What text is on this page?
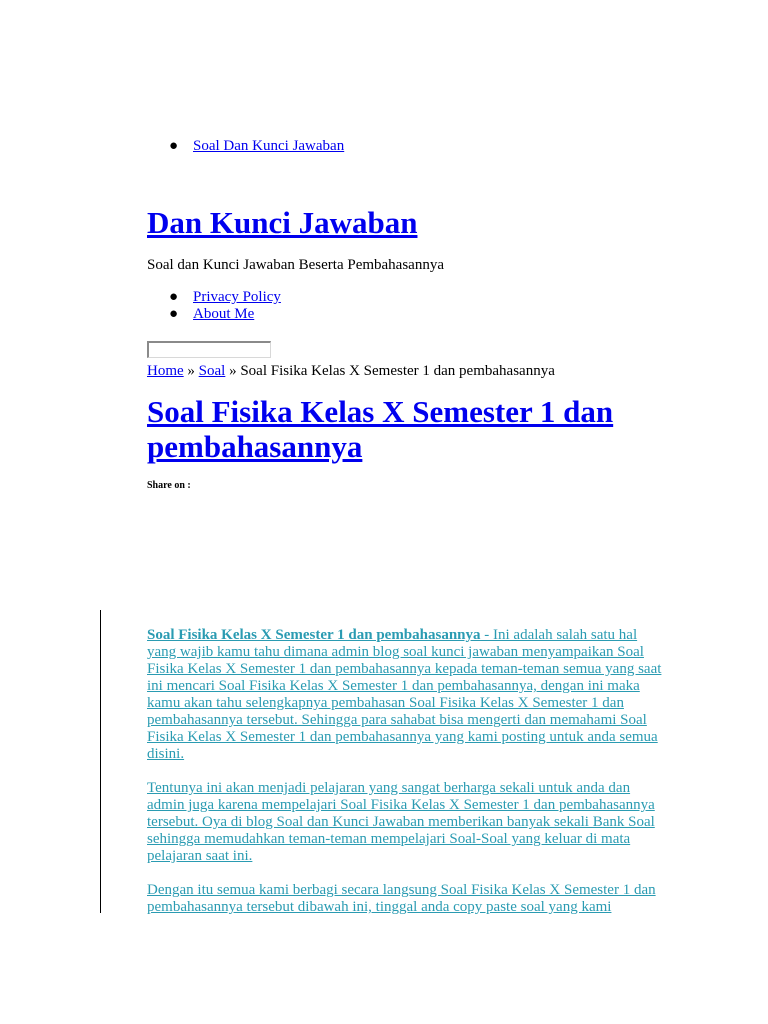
● Soal Dan Kunci Jawaban
Dan Kunci Jawaban
Soal dan Kunci Jawaban Beserta Pembahasannya
● Privacy Policy
● About Me
Home » Soal » Soal Fisika Kelas X Semester 1 dan pembahasannya
Soal Fisika Kelas X Semester 1 dan pembahasannya
Share on :

Soal Fisika Kelas X Semester 1 dan pembahasannya - Ini adalah salah satu hal yang wajib kamu tahu dimana admin blog soal kunci jawaban menyampaikan Soal Fisika Kelas X Semester 1 dan pembahasannya kepada teman-teman semua yang saat ini mencari Soal Fisika Kelas X Semester 1 dan pembahasannya, dengan ini maka kamu akan tahu selengkapnya pembahasan Soal Fisika Kelas X Semester 1 dan pembahasannya tersebut. Sehingga para sahabat bisa mengerti dan memahami Soal Fisika Kelas X Semester 1 dan pembahasannya yang kami posting untuk anda semua disini.

Tentunya ini akan menjadi pelajaran yang sangat berharga sekali untuk anda dan admin juga karena mempelajari Soal Fisika Kelas X Semester 1 dan pembahasannya tersebut. Oya di blog Soal dan Kunci Jawaban memberikan banyak sekali Bank Soal sehingga memudahkan teman-teman mempelajari Soal-Soal yang keluar di mata pelajaran saat ini.

Dengan itu semua kami berbagi secara langsung Soal Fisika Kelas X Semester 1 dan pembahasannya tersebut dibawah ini, tinggal anda copy paste soal yang kami
